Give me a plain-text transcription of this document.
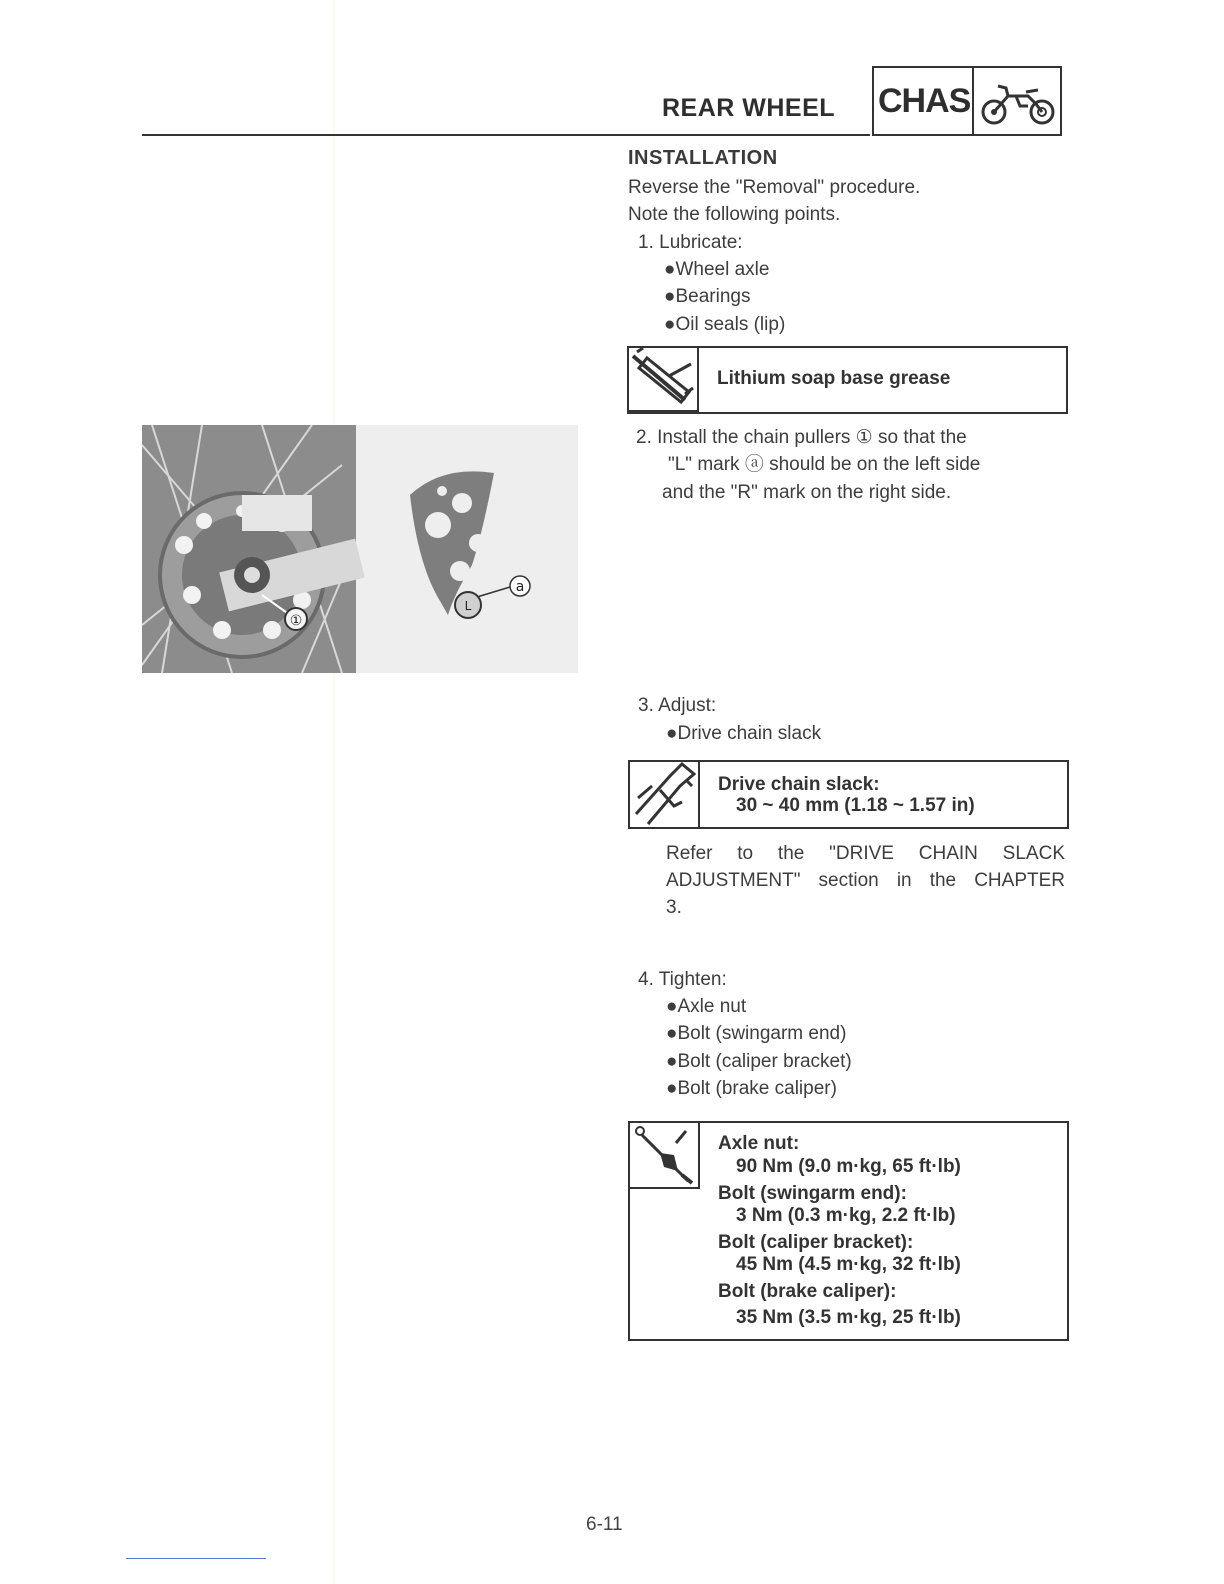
REAR WHEEL CHAS
INSTALLATION
Reverse the "Removal" procedure.
Note the following points.
1. Lubricate:
●Wheel axle
●Bearings
●Oil seals (lip)
Lithium soap base grease
2. Install the chain pullers ① so that the
"L" mark ⓐ should be on the left side
and the "R" mark on the right side.
①
a
L
3. Adjust:
●Drive chain slack
Drive chain slack:
30 ~ 40 mm (1.18 ~ 1.57 in)
Refer to the "DRIVE CHAIN SLACK
ADJUSTMENT" section in the CHAPTER
3.
4. Tighten:
●Axle nut
●Bolt (swingarm end)
●Bolt (caliper bracket)
●Bolt (brake caliper)
Axle nut:
90 Nm (9.0 m·kg, 65 ft·lb)
Bolt (swingarm end):
3 Nm (0.3 m·kg, 2.2 ft·lb)
Bolt (caliper bracket):
45 Nm (4.5 m·kg, 32 ft·lb)
Bolt (brake caliper):
35 Nm (3.5 m·kg, 25 ft·lb)
6-11
